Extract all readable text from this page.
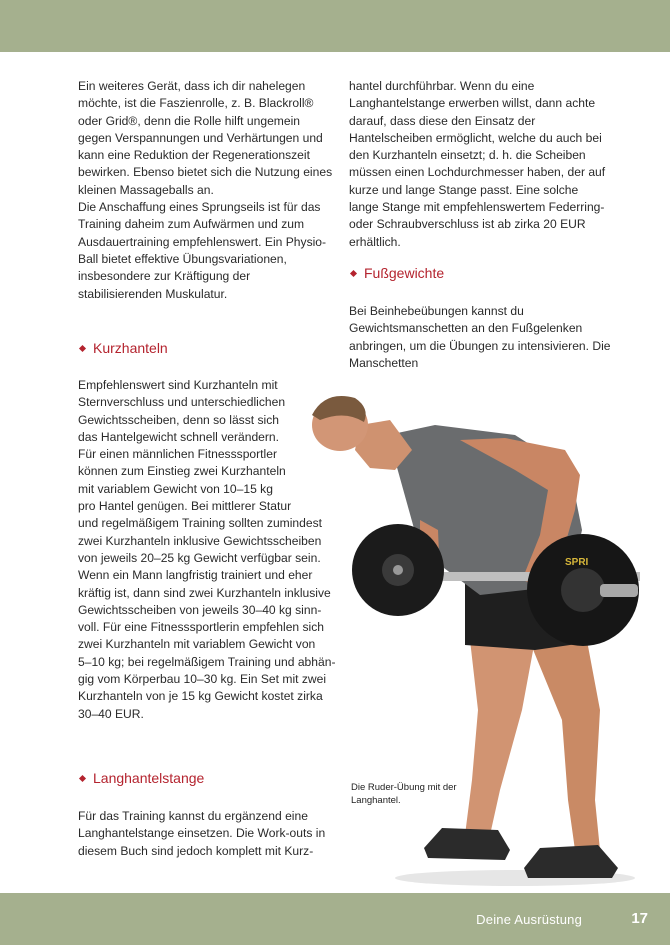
Ein weiteres Gerät, dass ich dir nahelegen möchte, ist die Faszienrolle, z. B. Blackroll® oder Grid®, denn die Rolle hilft ungemein gegen Verspannungen und Verhärtungen und kann eine Reduktion der Regenerationszeit bewirken. Ebenso bietet sich die Nutzung eines kleinen Massageballs an.

Die Anschaffung eines Sprungseils ist für das Training daheim zum Aufwärmen und zum Ausdauertraining empfehlenswert. Ein Physio-Ball bietet effektive Übungsvariationen, insbesondere zur Kräftigung der stabilisierenden Muskulatur.

Kurzhanteln
Empfehlenswert sind Kurzhanteln mit
Sternverschluss und unterschiedlichen
Gewichtsscheiben, denn so lässt sich
das Hantelgewicht schnell verändern.
Für einen männlichen Fitnesssportler
können zum Einstieg zwei Kurzhanteln
mit variablem Gewicht von 10–15 kg
pro Hantel genügen. Bei mittlerer Statur
und regelmäßigem Training sollten zumindest
zwei Kurzhanteln inklusive Gewichtsscheiben
von jeweils 20–25 kg Gewicht verfügbar sein.
Wenn ein Mann langfristig trainiert und eher
kräftig ist, dann sind zwei Kurzhanteln inklusive
Gewichtsscheiben von jeweils 30–40 kg sinn-
voll. Für eine Fitnesssportlerin empfehlen sich
zwei Kurzhanteln mit variablem Gewicht von
5–10 kg; bei regelmäßigem Training und abhän-
gig vom Körperbau 10–30 kg. Ein Set mit zwei
Kurzhanteln von je 15 kg Gewicht kostet zirka
30–40 EUR.
Langhantelstange
Für das Training kannst du ergänzend eine
Langhantelstange einsetzen. Die Work-outs in
diesem Buch sind jedoch komplett mit Kurz-

hantel durchführbar. Wenn du eine Langhantelstange erwerben willst, dann achte darauf, dass diese den Einsatz der Hantelscheiben ermöglicht, welche du auch bei den Kurzhanteln einsetzt; d. h. die Scheiben müssen einen Lochdurchmesser haben, der auf kurze und lange Stange passt. Eine solche lange Stange mit empfehlenswertem Federring- oder Schraubverschluss ist ab zirka 20 EUR erhältlich.

Fußgewichte

Bei Beinhebeübungen kannst du Gewichtsmanschetten an den Fußgelenken anbringen, um die Übungen zu intensivieren. Die Manschetten

SPRI
Die Ruder-Übung mit der Langhantel.
Deine Ausrüstung	17
